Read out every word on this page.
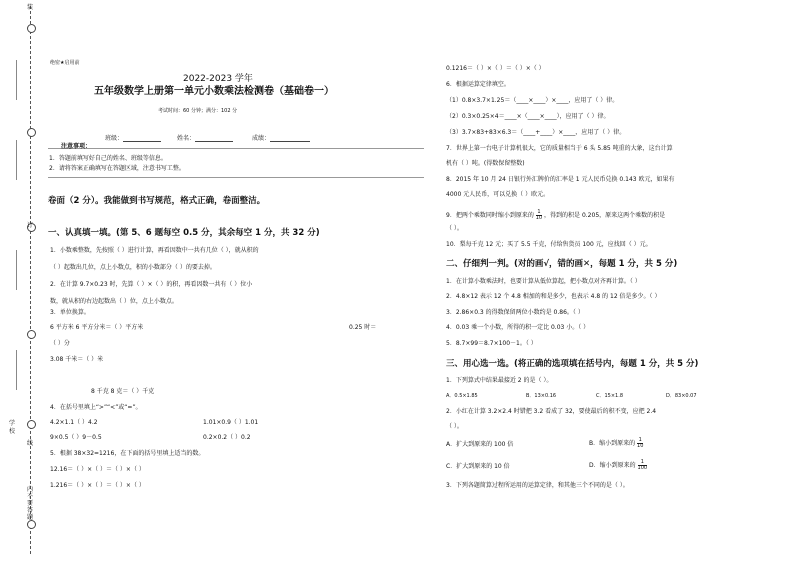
装
订
线
内不要答题
学校
绝密★启用前
2022-2023 学年
五年级数学上册第一单元小数乘法检测卷（基础卷一）
考试时间：60 分钟；满分：102 分
班级：	姓名：	成绩：
注意事项：
1．答题前填写好自己的姓名、班级等信息。
2．请将答案正确填写在答题区域，注意书写工整。
卷面（2 分）。我能做到书写规范，格式正确，卷面整洁。
一、认真填一填。(第 5、6 题每空 0.5 分，其余每空 1 分，共 32 分)
1．小数乘整数，先按照（ ）进行计算，再看因数中一共有几位（ ），就从积的
（ ）起数出几位，点上小数点，积的小数部分（ ）的要去掉。
2．在计算 9.7×0.23 时，先算（ ）×（ ）的积，再看因数一共有（ ）位小
数，就从积的右边起数出（ ）位，点上小数点。
3．单位换算。
6 平方米 6 平方分米＝（ ）平方米	0.25 时＝
（ ）分
3.08 千米＝（ ）米
8 千克 8 克＝（ ）千克
4．在括号里填上“>”“<”或“=”。
4.2×1.1（ ）4.2	1.01×0.9（ ）1.01
9×0.5（ ）9－0.5	0.2×0.2（ ）0.2
5．根据 38×32=1216，在下面的括号里填上适当的数。
12.16＝（ ）×（ ）＝（ ）×（ ）
1.216＝（ ）×（ ）＝（ ）×（ ）
0.1216＝（ ）×（ ）＝（ ）×（ ）
6．根据运算定律填空。
（1）0.8×3.7×1.25＝（____×____）×____，应用了（ ）律。
（2）0.3×0.25×4＝____×（____×____），应用了（ ）律。
（3）3.7×83+83×6.3＝（____+____）×____，应用了（ ）律。
7．世界上第一台电子计算机很大，它的质量相当于 6 头 5.85 吨重的大象，这台计算
机有（ ）吨。(得数保留整数)
8．2015 年 10 月 24 日银行外汇牌价的汇率是 1 元人民币兑换 0.143 欧元，如果有
4000 元人民币，可以兑换（ ）欧元。
9．把两个乘数同时缩小到原来的 $\frac{1}{10}$ ，得到的积是 0.205，原来这两个乘数的积是
（ ）。
10．梨每千克 12 元；买了 5.5 千克，付给售货员 100 元，应找回（ ）元。
二、仔细判一判。(对的画√，错的画✕，每题 1 分，共 5 分)
1．在计算小数乘法时，也要计算从低位算起，把小数点对齐再计算。（ ）
2．4.8×12 表示 12 个 4.8 相加的和是多少，也表示 4.8 的 12 倍是多少。（ ）
3．2.86×0.3 的得数保留两位小数约是 0.86。（ ）
4．0.03 乘一个小数，所得的积一定比 0.03 小。（ ）
5．8.7×99＝8.7×100－1。（ ）
三、用心选一选。(将正确的选项填在括号内，每题 1 分，共 5 分)
1．下列算式中结果最接近 2 的是（ ）。
A．0.5×1.85	B．13×0.16	C．15×1.8	D．83×0.07
2．小红在计算 3.2×2.4 时错把 3.2 看成了 32，要使最后的积不变，应把 2.4
（ ）。
A．扩大到原来的 100 倍	B．缩小到原来的 $\frac{1}{10}$
C．扩大到原来的 10 倍	D．缩小到原来的 $\frac{1}{100}$
3．下列各题简算过程所运用的运算定律，和其他三个不同的是（ ）。
